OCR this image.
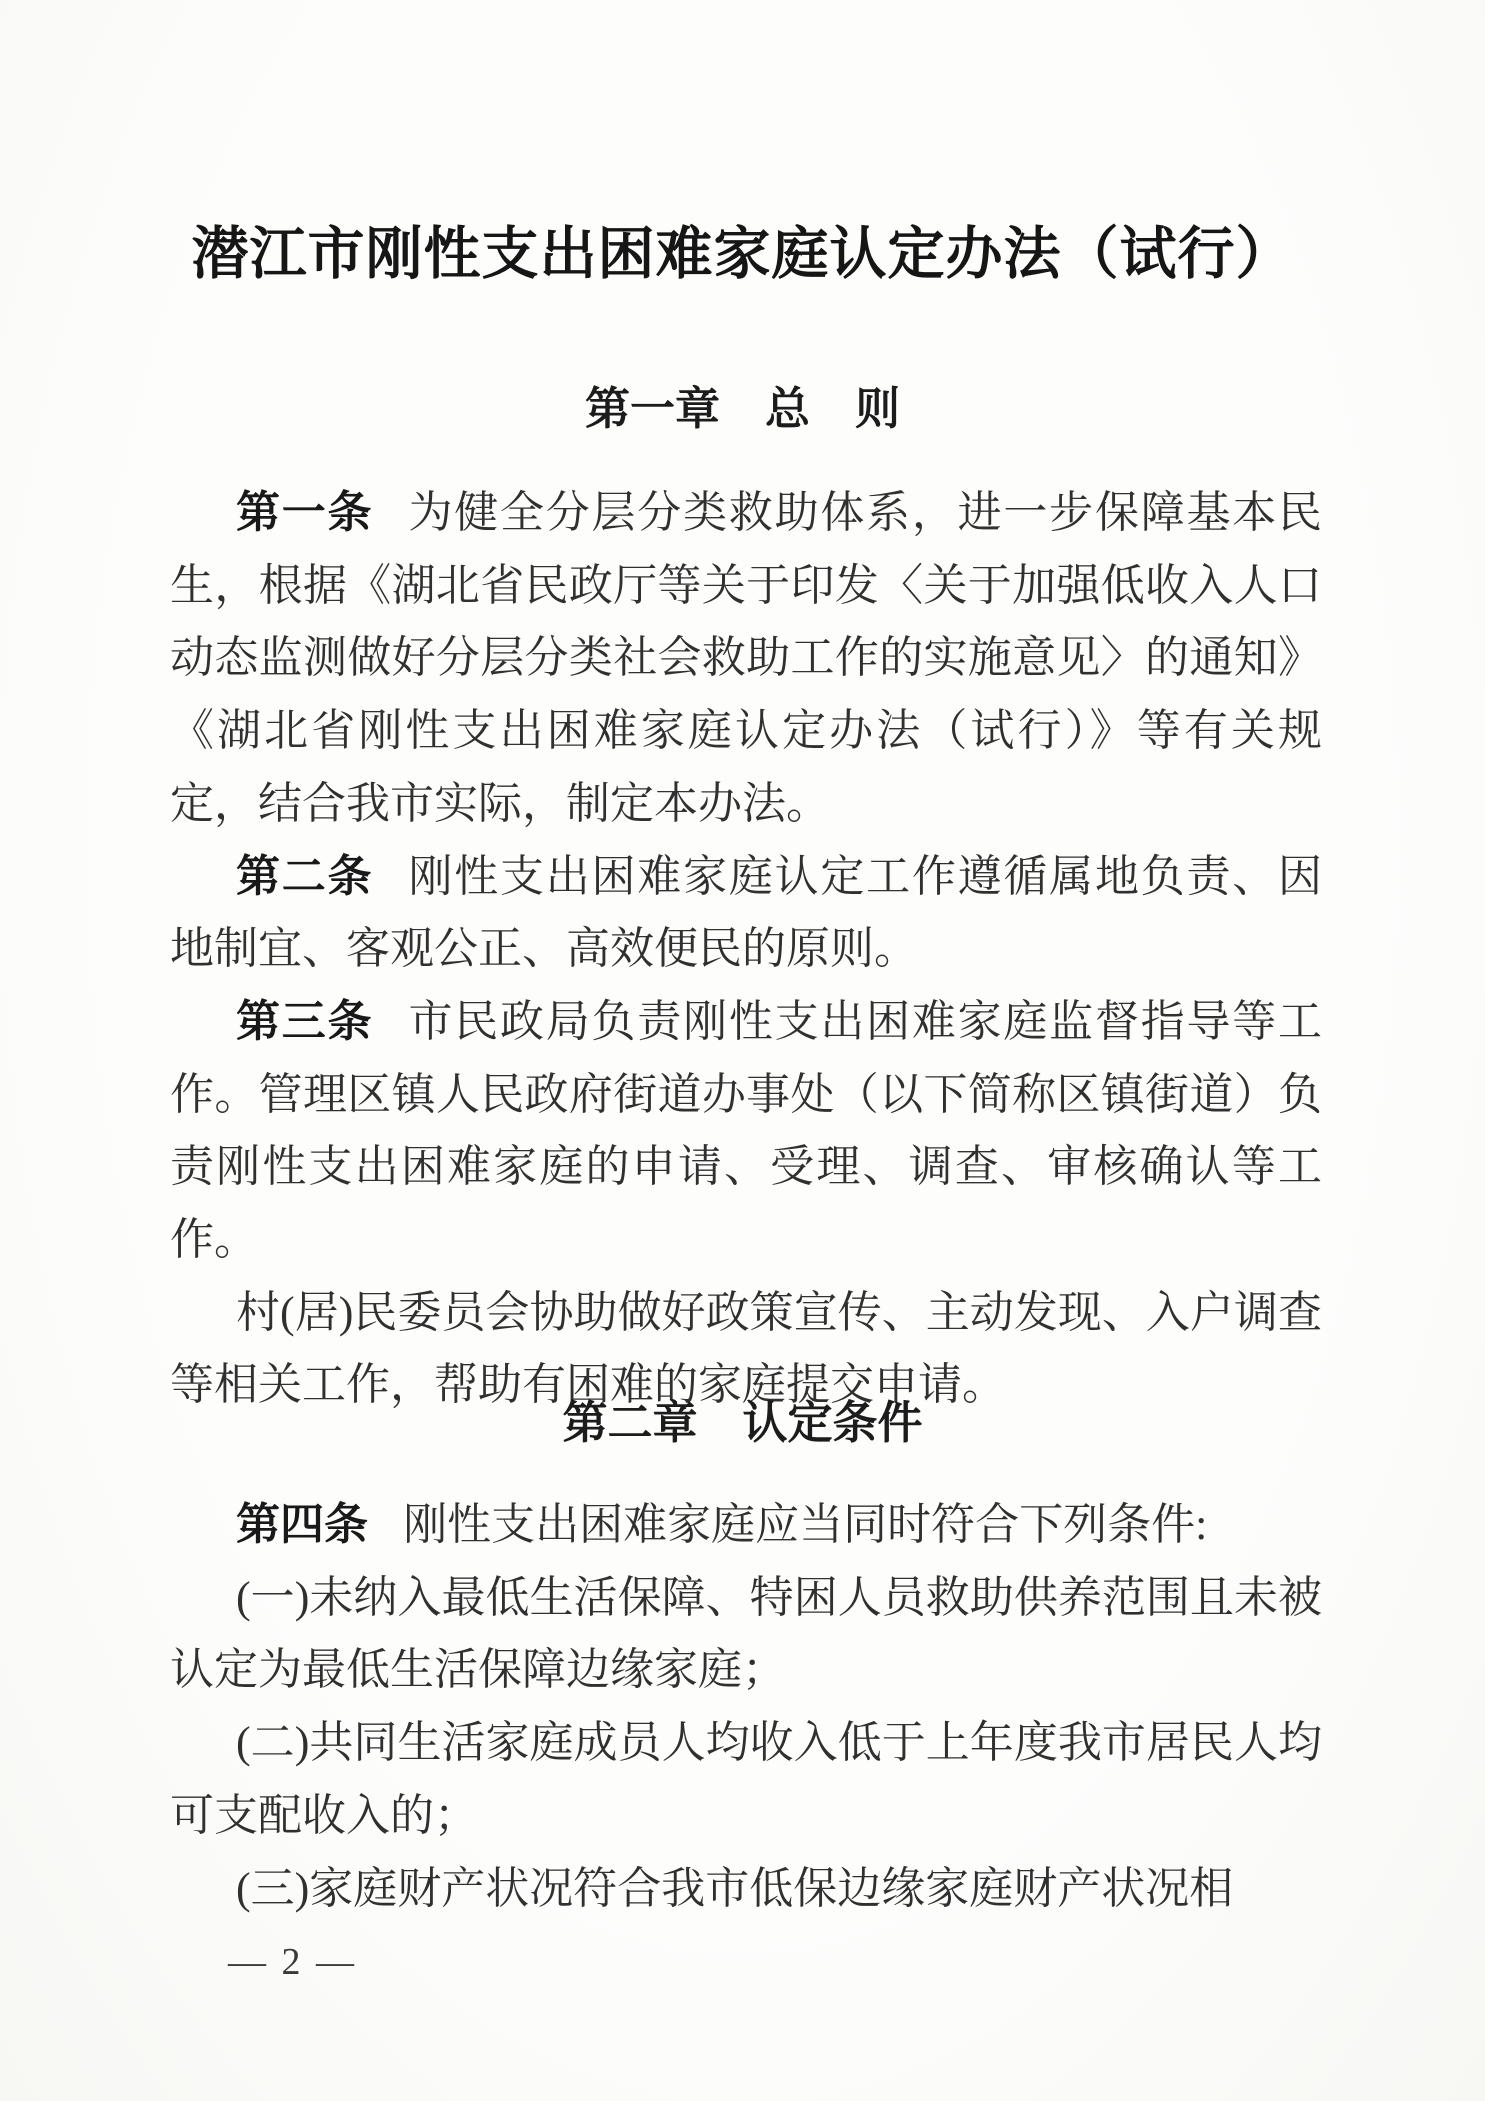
潜江市刚性支出困难家庭认定办法（试行）
第一章　总　则

第一条 为健全分层分类救助体系，进一步保障基本民生，根据《湖北省民政厅等关于印发〈关于加强低收入人口动态监测做好分层分类社会救助工作的实施意见〉的通知》《湖北省刚性支出困难家庭认定办法（试行）》等有关规定，结合我市实际，制定本办法。

第二条 刚性支出困难家庭认定工作遵循属地负责、因地制宜、客观公正、高效便民的原则。

第三条 市民政局负责刚性支出困难家庭监督指导等工作。管理区镇人民政府街道办事处（以下简称区镇街道）负责刚性支出困难家庭的申请、受理、调查、审核确认等工作。

村(居)民委员会协助做好政策宣传、主动发现、入户调查等相关工作，帮助有困难的家庭提交申请。

第二章　认定条件

第四条 刚性支出困难家庭应当同时符合下列条件:

(一)未纳入最低生活保障、特困人员救助供养范围且未被认定为最低生活保障边缘家庭；

(二)共同生活家庭成员人均收入低于上年度我市居民人均可支配收入的；

(三)家庭财产状况符合我市低保边缘家庭财产状况相

— 2 —
